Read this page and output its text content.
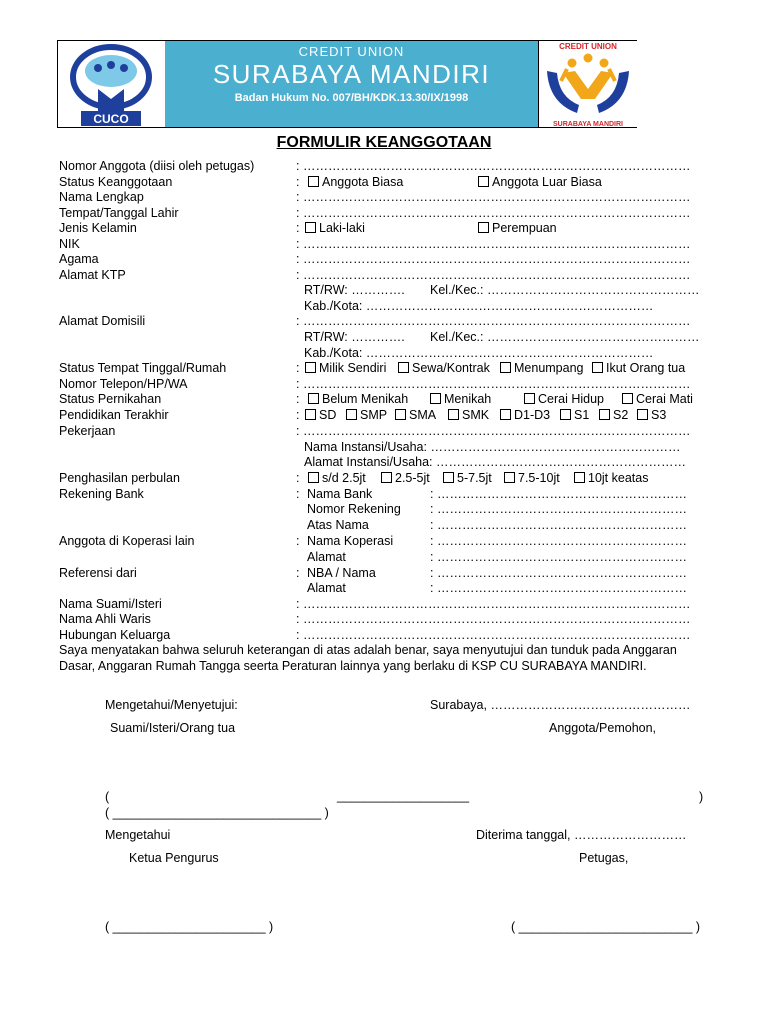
CUCO
CREDIT UNION
SURABAYA MANDIRI
Badan Hukum No. 007/BH/KDK.13.30/IX/1998
CREDIT UNION
SURABAYA MANDIRI
FORMULIR KEANGGOTAAN
Nomor Anggota (diisi oleh petugas)	: …………………………………………………………………………………
Status Keanggotaan	:	Anggota Biasa	Anggota Luar Biasa
Nama Lengkap	: …………………………………………………………………………………
Tempat/Tanggal Lahir	: …………………………………………………………………………………
Jenis Kelamin	:	Laki-laki	Perempuan
NIK	: …………………………………………………………………………………
Agama	: …………………………………………………………………………………
Alamat KTP	: …………………………………………………………………………………
RT/RW: …………. Kel./Kec.: ……………………………………………
Kab./Kota: ……………………………………………………………
Alamat Domisili	: …………………………………………………………………………………
RT/RW: …………. Kel./Kec.: ……………………………………………
Kab./Kota: ……………………………………………………………
Status Tempat Tinggal/Rumah	:	Milik Sendiri	Sewa/Kontrak	Menumpang	Ikut Orang tua
Nomor Telepon/HP/WA	: …………………………………………………………………………………
Status Pernikahan	:	Belum Menikah	Menikah	Cerai Hidup	Cerai Mati
Pendidikan Terakhir	:	SD	SMP	SMA	SMK	D1-D3	S1	S2	S3
Pekerjaan	: …………………………………………………………………………………
Nama Instansi/Usaha: ……………………………………………………
Alamat Instansi/Usaha: ……………………………………………………
Penghasilan perbulan	:	s/d 2.5jt	2.5-5jt	5-7.5jt	7.5-10jt	10jt keatas
Rekening Bank	: Nama Bank	: ……………………………………………………
Nomor Rekening : ……………………………………………………
Atas Nama	: ……………………………………………………
Anggota di Koperasi lain	: Nama Koperasi	: ……………………………………………………
Alamat	: ……………………………………………………
Referensi dari	: NBA / Nama	: ……………………………………………………
Alamat	: ……………………………………………………
Nama Suami/Isteri	: …………………………………………………………………………………
Nama Ahli Waris	: …………………………………………………………………………………
Hubungan Keluarga	: …………………………………………………………………………………
Saya menyatakan bahwa seluruh keterangan di atas adalah benar, saya menyutujui dan tunduk pada Anggaran
Dasar, Anggaran Rumah Tangga seerta Peraturan lainnya yang berlaku di KSP CU SURABAYA MANDIRI.
Mengetahui/Menyetujui:	Surabaya, …………………………………………
Suami/Isteri/Orang tua	Anggota/Pemohon,
(	___________________	)
( ______________________________ )
Mengetahui	Diterima tanggal, ………………………
Ketua Pengurus	Petugas,
( ______________________ )	( _________________________ )
